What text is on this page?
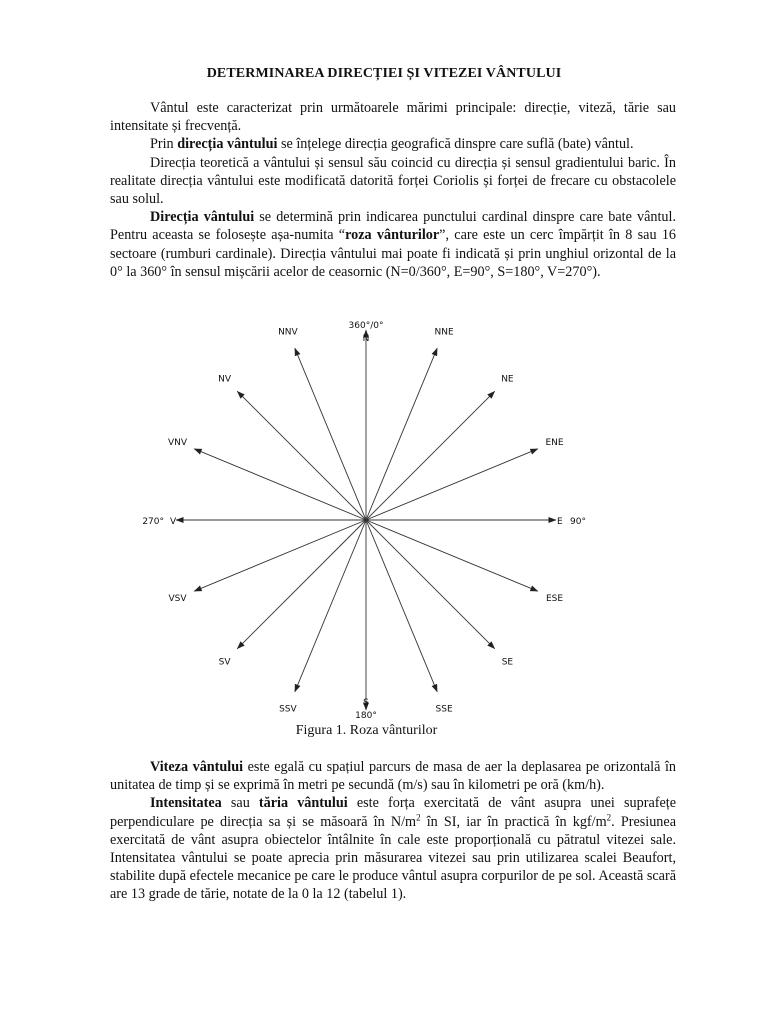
DETERMINAREA DIRECȚIEI ȘI VITEZEI VÂNTULUI

Vântul este caracterizat prin următoarele mărimi principale: direcție, viteză, tărie sau intensitate și frecvență.

Prin direcția vântului se înțelege direcția geografică dinspre care suflă (bate) vântul.

Direcția teoretică a vântului și sensul său coincid cu direcția și sensul gradientului baric. În realitate direcția vântului este modificată datorită forței Coriolis și forței de frecare cu obstacolele sau solul.

Direcția vântului se determină prin indicarea punctului cardinal dinspre care bate vântul. Pentru aceasta se folosește așa-numita “roza vânturilor”, care este un cerc împărțit în 8 sau 16 sectoare (rumburi cardinale). Direcția vântului mai poate fi indicată și prin unghiul orizontal de la 0° la 360° în sensul mișcării acelor de ceasornic (N=0/360°, E=90°, S=180°, V=270°).

N
NNE
NE
ENE
E
ESE
SE
SSE
S
SSV
SV
VSV
V
VNV
NV
NNV
360°/0°
90°
180°
270°
Figura 1. Roza vânturilor

Viteza vântului este egală cu spațiul parcurs de masa de aer la deplasarea pe orizontală în unitatea de timp și se exprimă în metri pe secundă (m/s) sau în kilometri pe oră (km/h).

Intensitatea sau tăria vântului este forța exercitată de vânt asupra unei suprafețe perpendiculare pe direcția sa și se măsoară în $N/m^2$ în SI, iar în practică în kgf/$m^2$. Presiunea exercitată de vânt asupra obiectelor întâlnite în cale este proporțională cu pătratul vitezei sale. Intensitatea vântului se poate aprecia prin măsurarea vitezei sau prin utilizarea scalei Beaufort, stabilite după efectele mecanice pe care le produce vântul asupra corpurilor de pe sol. Această scară are 13 grade de tărie, notate de la 0 la 12 (tabelul 1).
